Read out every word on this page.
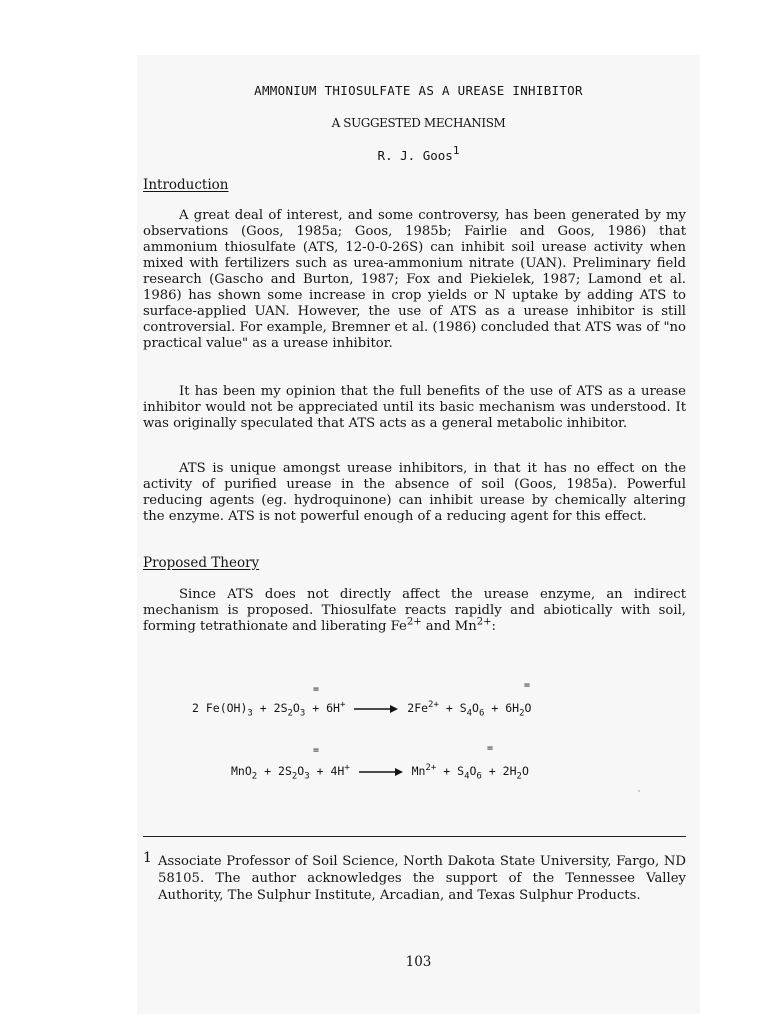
AMMONIUM THIOSULFATE AS A UREASE INHIBITOR
A SUGGESTED MECHANISM
R. J. Goos$^1$
Introduction
A great deal of interest, and some controversy, has been generated by my observations (Goos, 1985a; Goos, 1985b; Fairlie and Goos, 1986) that ammonium thiosulfate (ATS, 12-0-0-26S) can inhibit soil urease activity when mixed with fertilizers such as urea-ammonium nitrate (UAN). Preliminary field research (Gascho and Burton, 1987; Fox and Piekielek, 1987; Lamond et al. 1986) has shown some increase in crop yields or N uptake by adding ATS to surface-applied UAN. However, the use of ATS as a urease inhibitor is still controversial. For example, Bremner et al. (1986) concluded that ATS was of "no practical value" as a urease inhibitor.
It has been my opinion that the full benefits of the use of ATS as a urease inhibitor would not be appreciated until its basic mechanism was understood. It was originally speculated that ATS acts as a general metabolic inhibitor.
ATS is unique amongst urease inhibitors, in that it has no effect on the activity of purified urease in the absence of soil (Goos, 1985a). Powerful reducing agents (eg. hydroquinone) can inhibit urease by chemically altering the enzyme. ATS is not powerful enough of a reducing agent for this effect.
Proposed Theory
Since ATS does not directly affect the urease enzyme, an indirect mechanism is proposed. Thiosulfate reacts rapidly and abiotically with soil, forming tetrathionate and liberating $Fe^{2+}$ and $Mn^{2+}$:
=	=
2 $Fe(OH)_3 + 2S_2O_3 + 6H^+$	$2Fe^{2+} + S_4O_6 + 6H_2O$
=	=
$MnO_2 + 2S_2O_3 + 4H^+$	$Mn^{2+} + S_4O_6 + 2H_2O$
1 Associate Professor of Soil Science, North Dakota State University, Fargo, ND 58105. The author acknowledges the support of the Tennessee Valley Authority, The Sulphur Institute, Arcadian, and Texas Sulphur Products.
103
